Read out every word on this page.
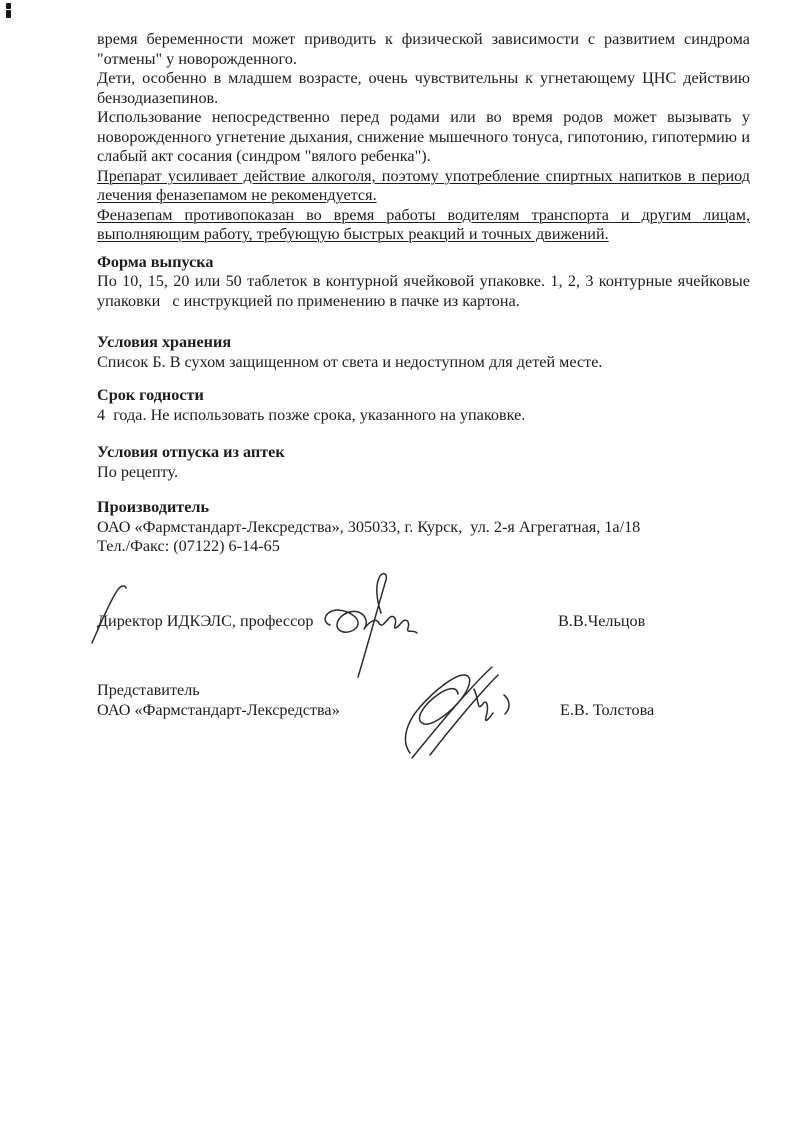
время беременности может приводить к физической зависимости с развитием синдрома "отмены" у новорожденного.
Дети, особенно в младшем возрасте, очень чувствительны к угнетающему ЦНС действию бензодиазепинов.
Использование непосредственно перед родами или во время родов может вызывать у новорожденного угнетение дыхания, снижение мышечного тонуса, гипотонию, гипотермию и слабый акт сосания (синдром "вялого ребенка").
Препарат усиливает действие алкоголя, поэтому употребление спиртных напитков в период лечения феназепамом не рекомендуется.
Феназепам противопоказан во время работы водителям транспорта и другим лицам, выполняющим работу, требующую быстрых реакций и точных движений.
Форма выпуска
По 10, 15, 20 или 50 таблеток в контурной ячейковой упаковке. 1, 2, 3 контурные ячейковые упаковки   с инструкцией по применению в пачке из картона.
Условия хранения
Список Б. В сухом защищенном от света и недоступном для детей месте.
Срок годности
4  года. Не использовать позже срока, указанного на упаковке.
Условия отпуска из аптек
По рецепту.
Производитель
ОАО «Фармстандарт-Лексредства», 305033, г. Курск,  ул. 2-я Агрегатная, 1а/18
Тел./Факс: (07122) 6-14-65
Директор ИДКЭЛС, профессор	В.В.Чельцов
Представитель
ОАО «Фармстандарт-Лексредства»	Е.В. Толстова
